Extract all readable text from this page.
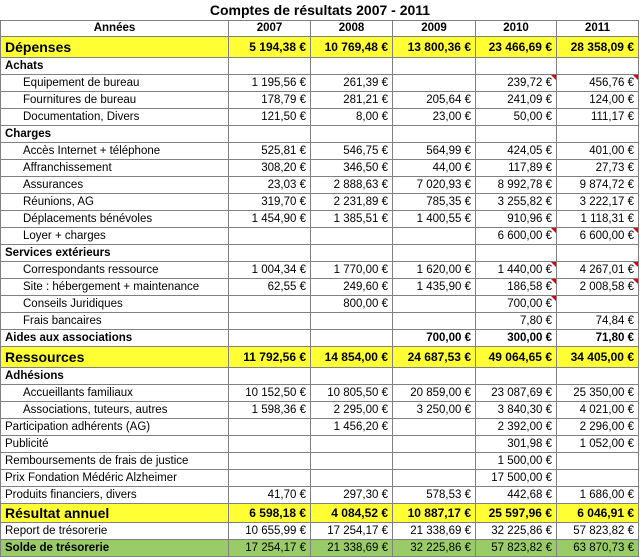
Comptes de résultats 2007 - 2011
Années	2007	2008	2009	2010	2011
Dépenses	5 194,38 €	10 769,48 €	13 800,36 €	23 466,69 €	28 358,09 €
Achats					
Equipement de bureau	1 195,56 €	261,39 €		239,72 €	456,76 €
Fournitures de bureau	178,79 €	281,21 €	205,64 €	241,09 €	124,00 €
Documentation, Divers	121,50 €	8,00 €	23,00 €	50,00 €	111,17 €
Charges					
Accès Internet + téléphone	525,81 €	546,75 €	564,99 €	424,05 €	401,00 €
Affranchissement	308,20 €	346,50 €	44,00 €	117,89 €	27,73 €
Assurances	23,03 €	2 888,63 €	7 020,93 €	8 992,78 €	9 874,72 €
Réunions, AG	319,70 €	2 231,89 €	785,35 €	3 255,82 €	3 222,17 €
Déplacements bénévoles	1 454,90 €	1 385,51 €	1 400,55 €	910,96 €	1 118,31 €
Loyer + charges				6 600,00 €	6 600,00 €
Services extérieurs					
Correspondants ressource	1 004,34 €	1 770,00 €	1 620,00 €	1 440,00 €	4 267,01 €
Site : hébergement + maintenance	62,55 €	249,60 €	1 435,90 €	186,58 €	2 008,58 €
Conseils Juridiques		800,00 €		700,00 €	
Frais bancaires				7,80 €	74,84 €
Aides aux associations			700,00 €	300,00 €	71,80 €
Ressources	11 792,56 €	14 854,00 €	24 687,53 €	49 064,65 €	34 405,00 €
Adhésions					
Accueillants familiaux	10 152,50 €	10 805,50 €	20 859,00 €	23 087,69 €	25 350,00 €
Associations, tuteurs, autres	1 598,36 €	2 295,00 €	3 250,00 €	3 840,30 €	4 021,00 €
Participation adhérents (AG)		1 456,20 €		2 392,00 €	2 296,00 €
Publicité				301,98 €	1 052,00 €
Remboursements de frais de justice				1 500,00 €	
Prix Fondation Médéric Alzheimer				17 500,00 €	
Produits financiers, divers	41,70 €	297,30 €	578,53 €	442,68 €	1 686,00 €
Résultat annuel	6 598,18 €	4 084,52 €	10 887,17 €	25 597,96 €	6 046,91 €
Report de trésorerie	10 655,99 €	17 254,17 €	21 338,69 €	32 225,86 €	57 823,82 €
Solde de trésorerie	17 254,17 €	21 338,69 €	32 225,86 €	57 823,82 €	63 870,73 €
